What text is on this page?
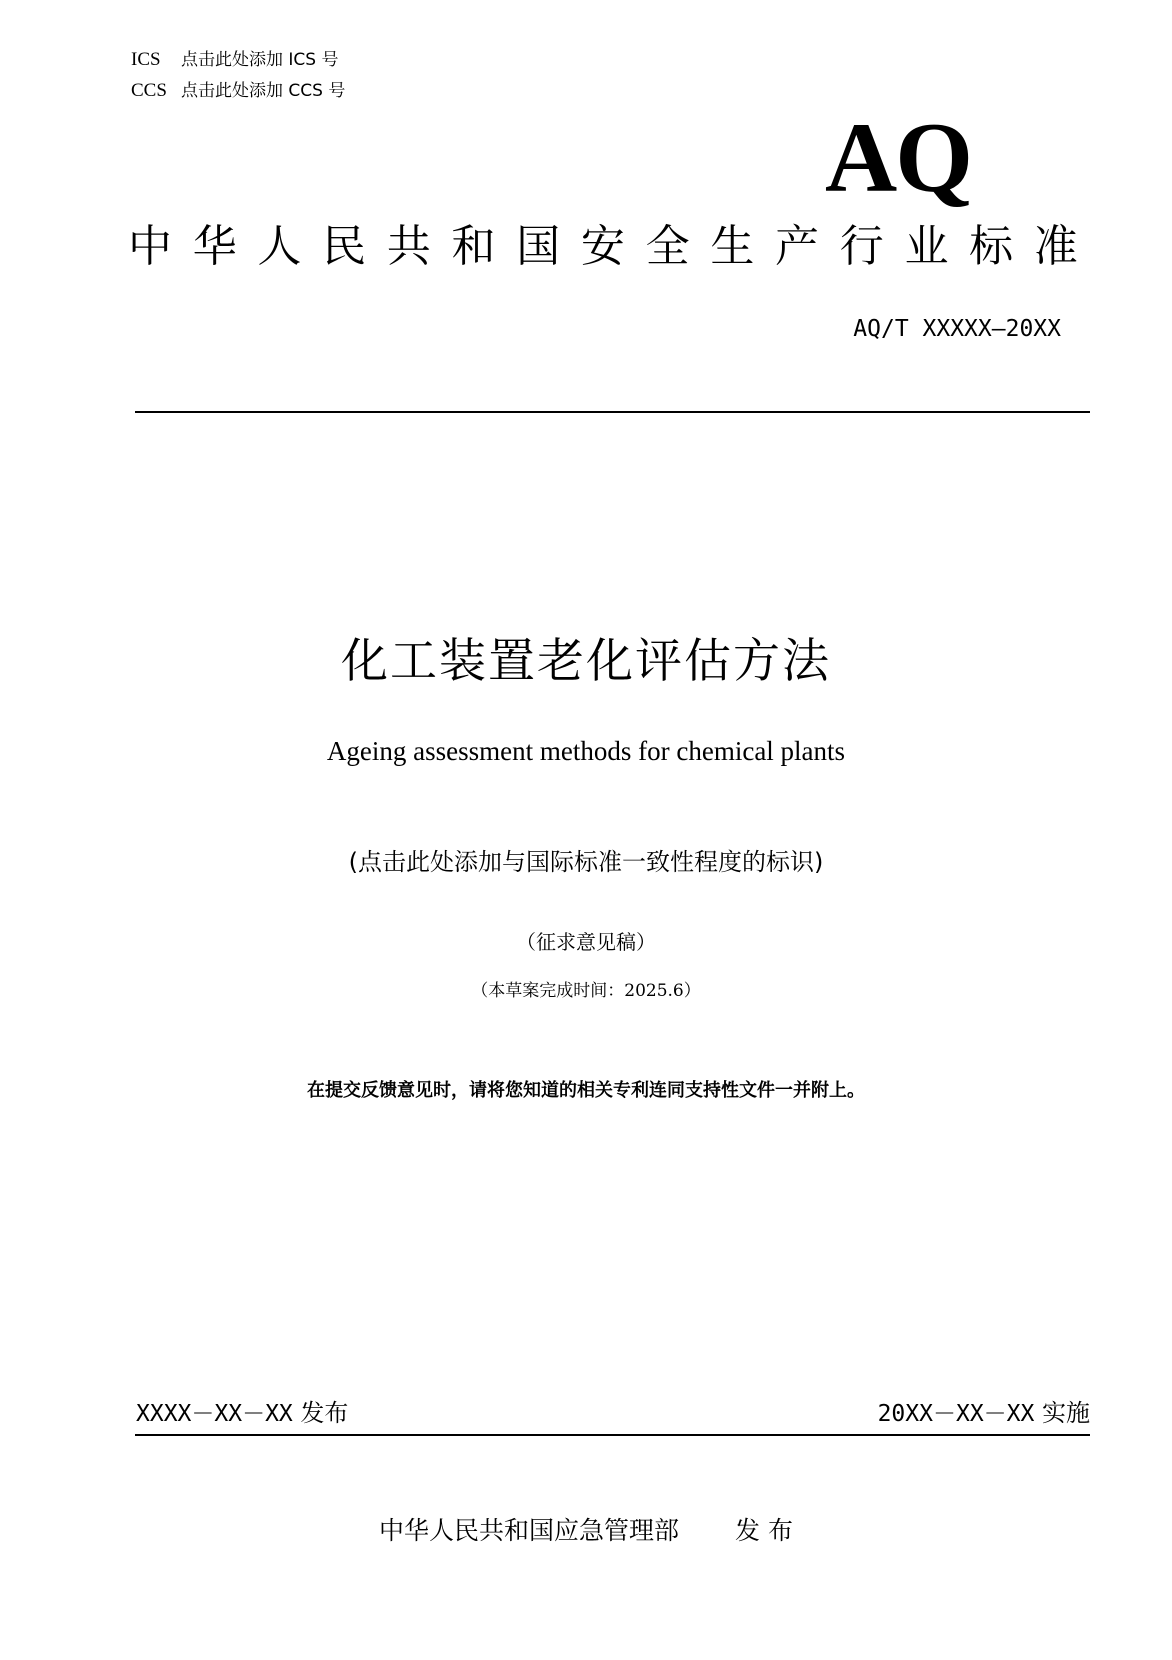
ICS 点击此处添加 ICS 号
CCS 点击此处添加 CCS 号
AQ
中 华 人 民 共 和 国 安 全 生 产 行 业 标 准
AQ/T XXXXX—20XX
化工装置老化评估方法
Ageing assessment methods for chemical plants
(点击此处添加与国际标准一致性程度的标识)
（征求意见稿）
（本草案完成时间：2025.6）
在提交反馈意见时，请将您知道的相关专利连同支持性文件一并附上。
XXXX－XX－XX 发布	20XX－XX－XX 实施
中华人民共和国应急管理部 发 布
